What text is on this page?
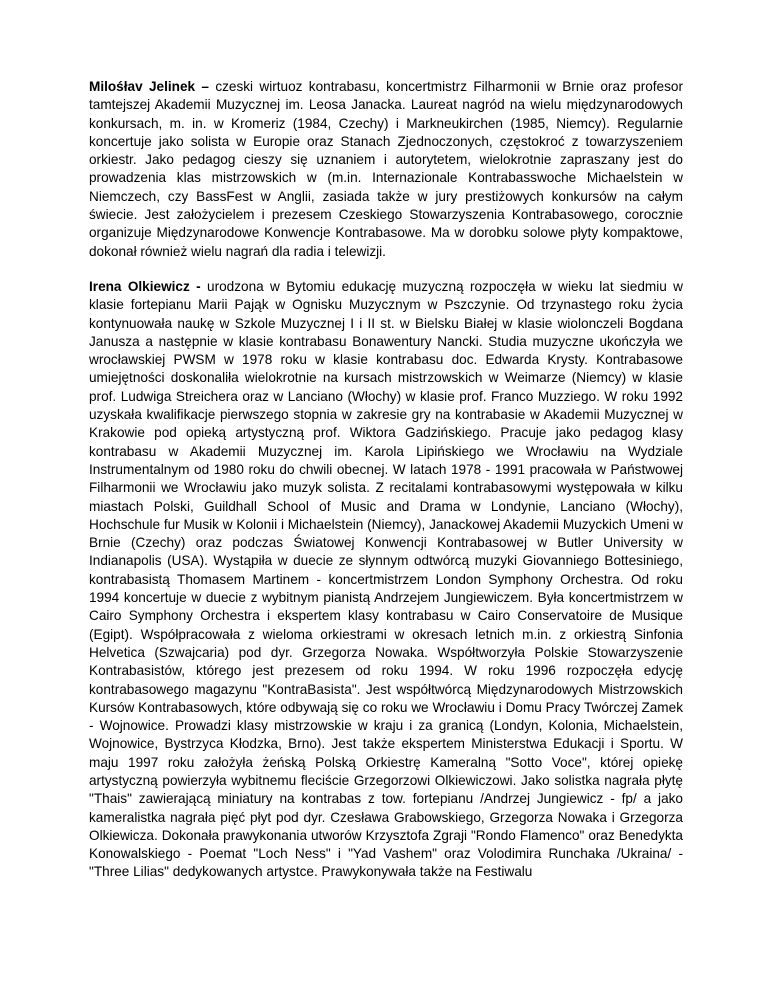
Milośłav Jelinek – czeski wirtuoz kontrabasu, koncertmistrz Filharmonii w Brnie oraz profesor tamtejszej Akademii Muzycznej im. Leosa Janacka. Laureat nagród na wielu międzynarodowych konkursach, m. in. w Kromeriz (1984, Czechy) i Markneukirchen (1985, Niemcy). Regularnie koncertuje jako solista w Europie oraz Stanach Zjednoczonych, częstokroć z towarzyszeniem orkiestr. Jako pedagog cieszy się uznaniem i autorytetem, wielokrotnie zapraszany jest do prowadzenia klas mistrzowskich w (m.in. Internazionale Kontrabasswoche Michaelstein w Niemczech, czy BassFest w Anglii, zasiada także w jury prestiżowych konkursów na całym świecie. Jest założycielem i prezesem Czeskiego Stowarzyszenia Kontrabasowego, corocznie organizuje Międzynarodowe Konwencje Kontrabasowe. Ma w dorobku solowe płyty kompaktowe, dokonał również wielu nagrań dla radia i telewizji.

Irena Olkiewicz - urodzona w Bytomiu edukację muzyczną rozpoczęła w wieku lat siedmiu w klasie fortepianu Marii Pająk w Ognisku Muzycznym w Pszczynie. Od trzynastego roku życia kontynuowała naukę w Szkole Muzycznej I i II st. w Bielsku Białej w klasie wiolonczeli Bogdana Janusza a następnie w klasie kontrabasu Bonawentury Nancki. Studia muzyczne ukończyła we wrocławskiej PWSM w 1978 roku w klasie kontrabasu doc. Edwarda Krysty. Kontrabasowe umiejętności doskonaliła wielokrotnie na kursach mistrzowskich w Weimarze (Niemcy) w klasie prof. Ludwiga Streichera oraz w Lanciano (Włochy) w klasie prof. Franco Muzziego. W roku 1992 uzyskała kwalifikacje pierwszego stopnia w zakresie gry na kontrabasie w Akademii Muzycznej w Krakowie pod opieką artystyczną prof. Wiktora Gadzińskiego. Pracuje jako pedagog klasy kontrabasu w Akademii Muzycznej im. Karola Lipińskiego we Wrocławiu na Wydziale Instrumentalnym od 1980 roku do chwili obecnej. W latach 1978 - 1991 pracowała w Państwowej Filharmonii we Wrocławiu jako muzyk solista. Z recitalami kontrabasowymi występowała w kilku miastach Polski, Guildhall School of Music and Drama w Londynie, Lanciano (Włochy), Hochschule fur Musik w Kolonii i Michaelstein (Niemcy), Janackowej Akademii Muzyckich Umeni w Brnie (Czechy) oraz podczas Światowej Konwencji Kontrabasowej w Butler University w Indianapolis (USA). Wystąpiła w duecie ze słynnym odtwórcą muzyki Giovanniego Bottesiniego, kontrabasistą Thomasem Martinem - koncertmistrzem London Symphony Orchestra. Od roku 1994 koncertuje w duecie z wybitnym pianistą Andrzejem Jungiewiczem. Była koncertmistrzem w Cairo Symphony Orchestra i ekspertem klasy kontrabasu w Cairo Conservatoire de Musique (Egipt). Współpracowała z wieloma orkiestrami w okresach letnich m.in. z orkiestrą Sinfonia Helvetica (Szwajcaria) pod dyr. Grzegorza Nowaka. Współtworzyła Polskie Stowarzyszenie Kontrabasistów, którego jest prezesem od roku 1994. W roku 1996 rozpoczęła edycję kontrabasowego magazynu "KontraBasista". Jest współtwórcą Międzynarodowych Mistrzowskich Kursów Kontrabasowych, które odbywają się co roku we Wrocławiu i Domu Pracy Twórczej Zamek - Wojnowice. Prowadzi klasy mistrzowskie w kraju i za granicą (Londyn, Kolonia, Michaelstein, Wojnowice, Bystrzyca Kłodzka, Brno). Jest także ekspertem Ministerstwa Edukacji i Sportu. W maju 1997 roku założyła żeńską Polską Orkiestrę Kameralną "Sotto Voce", której opiekę artystyczną powierzyła wybitnemu fleciście Grzegorzowi Olkiewiczowi. Jako solistka nagrała płytę "Thais" zawierającą miniatury na kontrabas z tow. fortepianu /Andrzej Jungiewicz - fp/ a jako kameralistka nagrała pięć płyt pod dyr. Czesława Grabowskiego, Grzegorza Nowaka i Grzegorza Olkiewicza. Dokonała prawykonania utworów Krzysztofa Zgraji "Rondo Flamenco" oraz Benedykta Konowalskiego - Poemat "Loch Ness" i "Yad Vashem" oraz Volodimira Runchaka /Ukraina/ - "Three Lilias" dedykowanych artystce. Prawykonywała także na Festiwalu
